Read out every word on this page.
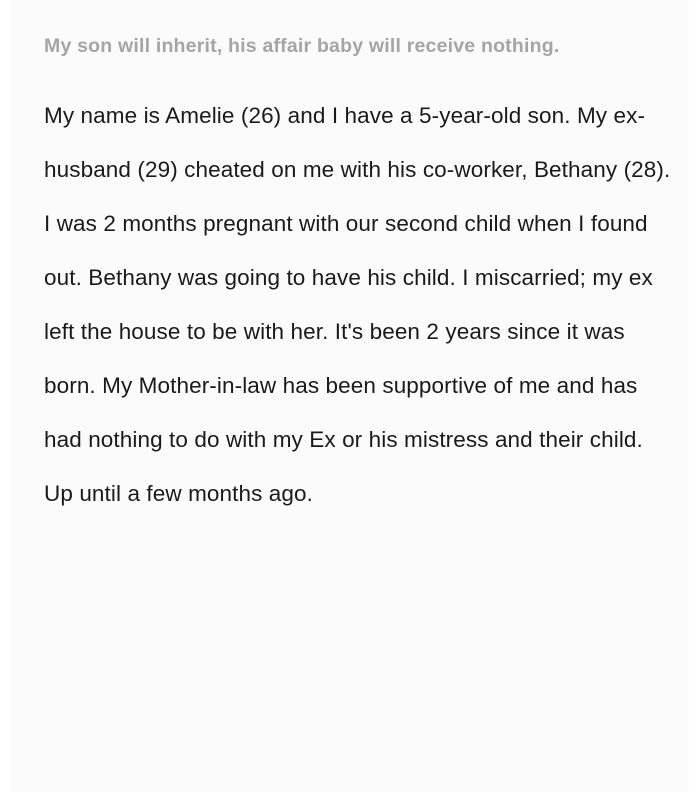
My son will inherit, his affair baby will receive nothing.

My name is Amelie (26) and I have a 5-year-old son. My ex-husband (29) cheated on me with his co-worker, Bethany (28). I was 2 months pregnant with our second child when I found out. Bethany was going to have his child. I miscarried; my ex left the house to be with her. It's been 2 years since it was born. My Mother-in-law has been supportive of me and has had nothing to do with my Ex or his mistress and their child. Up until a few months ago.
